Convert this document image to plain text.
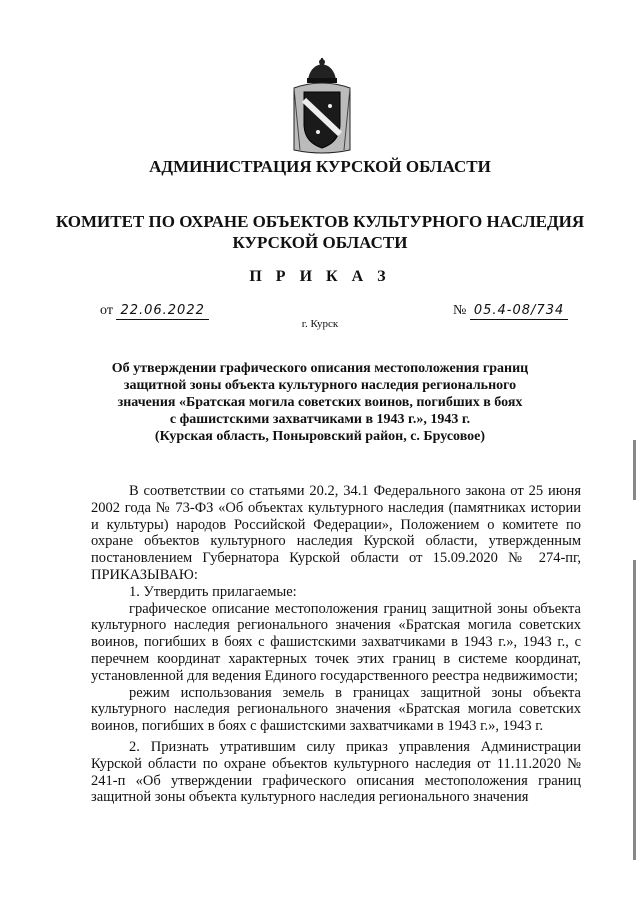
АДМИНИСТРАЦИЯ КУРСКОЙ ОБЛАСТИ
КОМИТЕТ ПО ОХРАНЕ ОБЪЕКТОВ КУЛЬТУРНОГО НАСЛЕДИЯ
КУРСКОЙ ОБЛАСТИ
П Р И К А З
от 22.06.2022	№ 05.4-08/734
г. Курск
Об утверждении графического описания местоположения границ
защитной зоны объекта культурного наследия регионального
значения «Братская могила советских воинов, погибших в боях
с фашистскими захватчиками в 1943 г.», 1943 г.
(Курская область, Поныровский район, с. Брусовое)

В соответствии со статьями 20.2, 34.1 Федерального закона от 25 июня 2002 года № 73-ФЗ «Об объектах культурного наследия (памятниках истории и культуры) народов Российской Федерации», Положением о комитете по охране объектов культурного наследия Курской области, утвержденным постановлением Губернатора Курской области от 15.09.2020 № 274-пг, ПРИКАЗЫВАЮ:

1. Утвердить прилагаемые:

графическое описание местоположения границ защитной зоны объекта культурного наследия регионального значения «Братская могила советских воинов, погибших в боях с фашистскими захватчиками в 1943 г.», 1943 г., с перечнем координат характерных точек этих границ в системе координат, установленной для ведения Единого государственного реестра недвижимости;

режим использования земель в границах защитной зоны объекта культурного наследия регионального значения «Братская могила советских воинов, погибших в боях с фашистскими захватчиками в 1943 г.», 1943 г.

2. Признать утратившим силу приказ управления Администрации Курской области по охране объектов культурного наследия от 11.11.2020 № 241-п «Об утверждении графического описания местоположения границ защитной зоны объекта культурного наследия регионального значения
